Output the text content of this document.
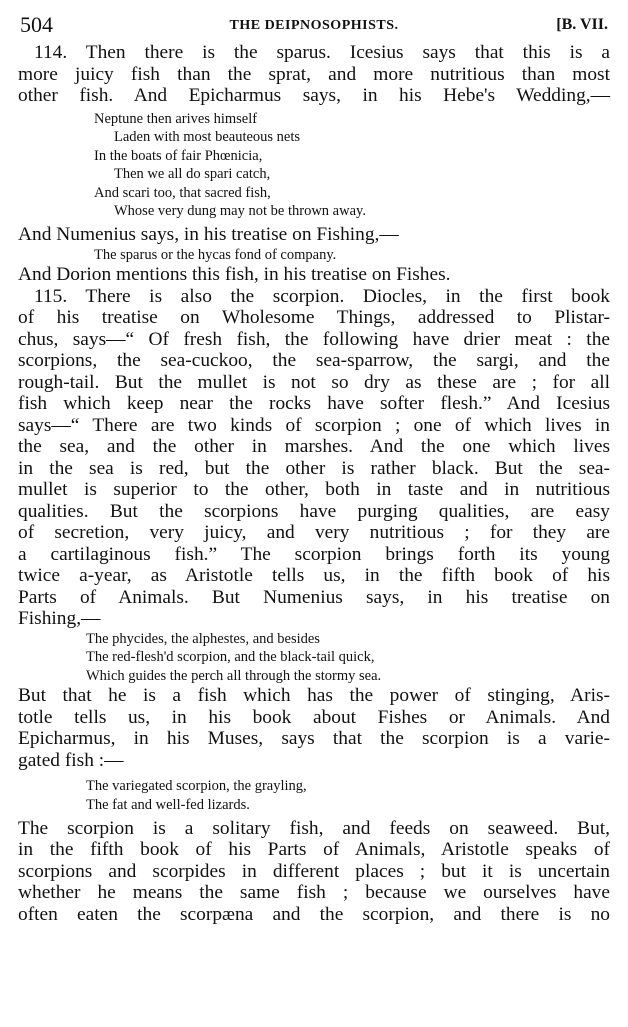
504	THE DEIPNOSOPHISTS.	[B. VII.
114. Then there is the sparus. Icesius says that this is a
more juicy fish than the sprat, and more nutritious than most
other fish. And Epicharmus says, in his Hebe's Wedding,—
Neptune then arives himself
Laden with most beauteous nets
In the boats of fair Phœnicia,
Then we all do spari catch,
And scari too, that sacred fish,
Whose very dung may not be thrown away.
And Numenius says, in his treatise on Fishing,—
The sparus or the hycas fond of company.
And Dorion mentions this fish, in his treatise on Fishes.
115. There is also the scorpion. Diocles, in the first book
of his treatise on Wholesome Things, addressed to Plistar-
chus, says—“ Of fresh fish, the following have drier meat : the
scorpions, the sea-cuckoo, the sea-sparrow, the sargi, and the
rough-tail. But the mullet is not so dry as these are ; for all
fish which keep near the rocks have softer flesh.” And Icesius
says—“ There are two kinds of scorpion ; one of which lives in
the sea, and the other in marshes. And the one which lives
in the sea is red, but the other is rather black. But the sea-
mullet is superior to the other, both in taste and in nutritious
qualities. But the scorpions have purging qualities, are easy
of secretion, very juicy, and very nutritious ; for they are
a cartilaginous fish.” The scorpion brings forth its young
twice a-year, as Aristotle tells us, in the fifth book of his
Parts of Animals. But Numenius says, in his treatise on
Fishing,—
The phycides, the alphestes, and besides
The red-flesh'd scorpion, and the black-tail quick,
Which guides the perch all through the stormy sea.
But that he is a fish which has the power of stinging, Aris-
totle tells us, in his book about Fishes or Animals. And
Epicharmus, in his Muses, says that the scorpion is a varie-
gated fish :—
The variegated scorpion, the grayling,
The fat and well-fed lizards.
The scorpion is a solitary fish, and feeds on seaweed. But,
in the fifth book of his Parts of Animals, Aristotle speaks of
scorpions and scorpides in different places ; but it is uncertain
whether he means the same fish ; because we ourselves have
often eaten the scorpæna and the scorpion, and there is no
